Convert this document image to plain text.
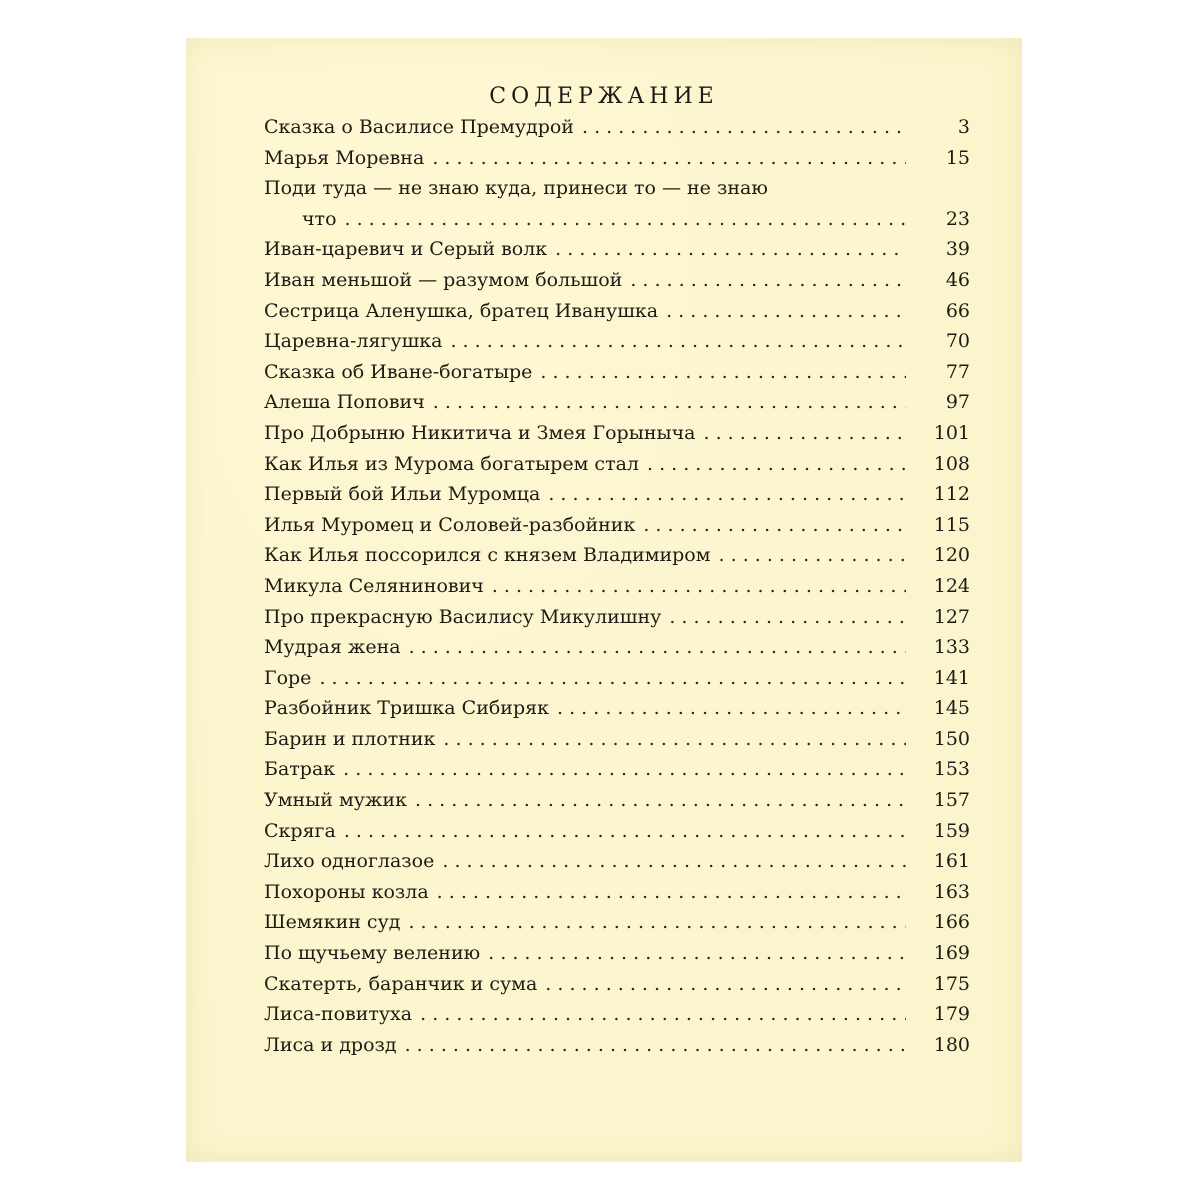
СОДЕРЖАНИЕ
Сказка о Василисе Премудрой . . .	3
Марья Моревна . . .	15
Поди туда — не знаю куда, принеси то — не знаю
что . . .	23
Иван-царевич и Серый волк . . .	39
Иван меньшой — разумом большой . . .	46
Сестрица Аленушка, братец Иванушка . . .	66
Царевна-лягушка . . .	70
Сказка об Иване-богатыре . . .	77
Алеша Попович . . .	97
Про Добрыню Никитича и Змея Горыныча . . .	101
Как Илья из Мурома богатырем стал . . .	108
Первый бой Ильи Муромца . . .	112
Илья Муромец и Соловей-разбойник . . .	115
Как Илья поссорился с князем Владимиром . . .	120
Микула Селянинович . . .	124
Про прекрасную Василису Микулишну . . .	127
Мудрая жена . . .	133
Горе . . .	141
Разбойник Тришка Сибиряк . . .	145
Барин и плотник . . .	150
Батрак . . .	153
Умный мужик . . .	157
Скряга . . .	159
Лихо одноглазое . . .	161
Похороны козла . . .	163
Шемякин суд . . .	166
По щучьему велению . . .	169
Скатерть, баранчик и сума . . .	175
Лиса-повитуха . . .	179
Лиса и дрозд . . .	180
